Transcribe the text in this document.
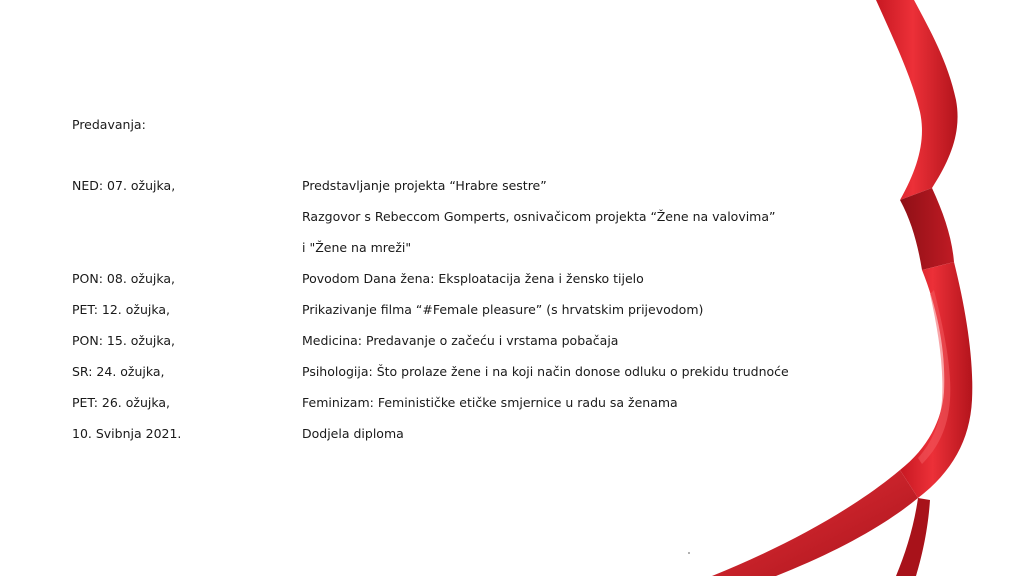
Predavanja:
NED: 07. ožujka,	Predstavljanje projekta “Hrabre sestre”
Razgovor s Rebeccom Gomperts, osnivačicom projekta “Žene na valovima”
i "Žene na mreži"
PON: 08. ožujka,	Povodom Dana žena: Eksploatacija žena i žensko tijelo
PET: 12. ožujka,	Prikazivanje filma “#Female pleasure” (s hrvatskim prijevodom)
PON: 15. ožujka,	Medicina: Predavanje o začeću i vrstama pobačaja
SR: 24. ožujka,	Psihologija: Što prolaze žene i na koji način donose odluku o prekidu trudnoće
PET: 26. ožujka,	Feminizam: Feminističke etičke smjernice u radu sa ženama
10. Svibnja 2021.	Dodjela diploma
